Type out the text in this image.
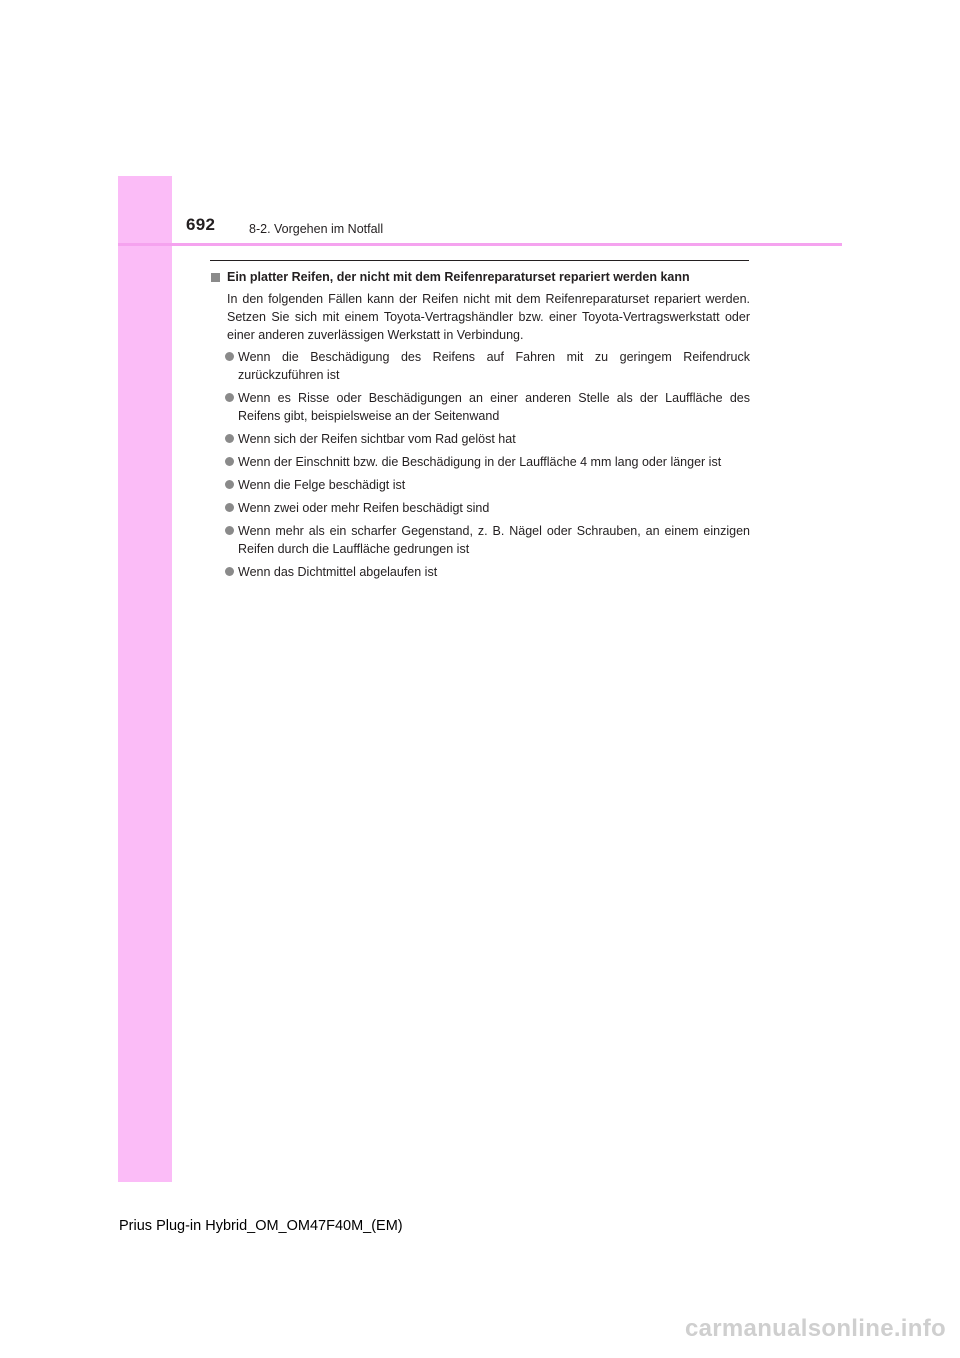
692	8-2. Vorgehen im Notfall
Ein platter Reifen, der nicht mit dem Reifenreparaturset repariert werden kann

In den folgenden Fällen kann der Reifen nicht mit dem Reifenreparaturset repariert werden. Setzen Sie sich mit einem Toyota-Vertragshändler bzw. einer Toyota-Vertragswerkstatt oder einer anderen zuverlässigen Werkstatt in Verbindung.

Wenn die Beschädigung des Reifens auf Fahren mit zu geringem Reifendruck zurückzuführen ist
Wenn es Risse oder Beschädigungen an einer anderen Stelle als der Lauffläche des Reifens gibt, beispielsweise an der Seitenwand
Wenn sich der Reifen sichtbar vom Rad gelöst hat
Wenn der Einschnitt bzw. die Beschädigung in der Lauffläche 4 mm lang oder länger ist
Wenn die Felge beschädigt ist
Wenn zwei oder mehr Reifen beschädigt sind
Wenn mehr als ein scharfer Gegenstand, z. B. Nägel oder Schrauben, an einem einzigen Reifen durch die Lauffläche gedrungen ist
Wenn das Dichtmittel abgelaufen ist
Prius Plug-in Hybrid_OM_OM47F40M_(EM)
carmanualsonline.info
